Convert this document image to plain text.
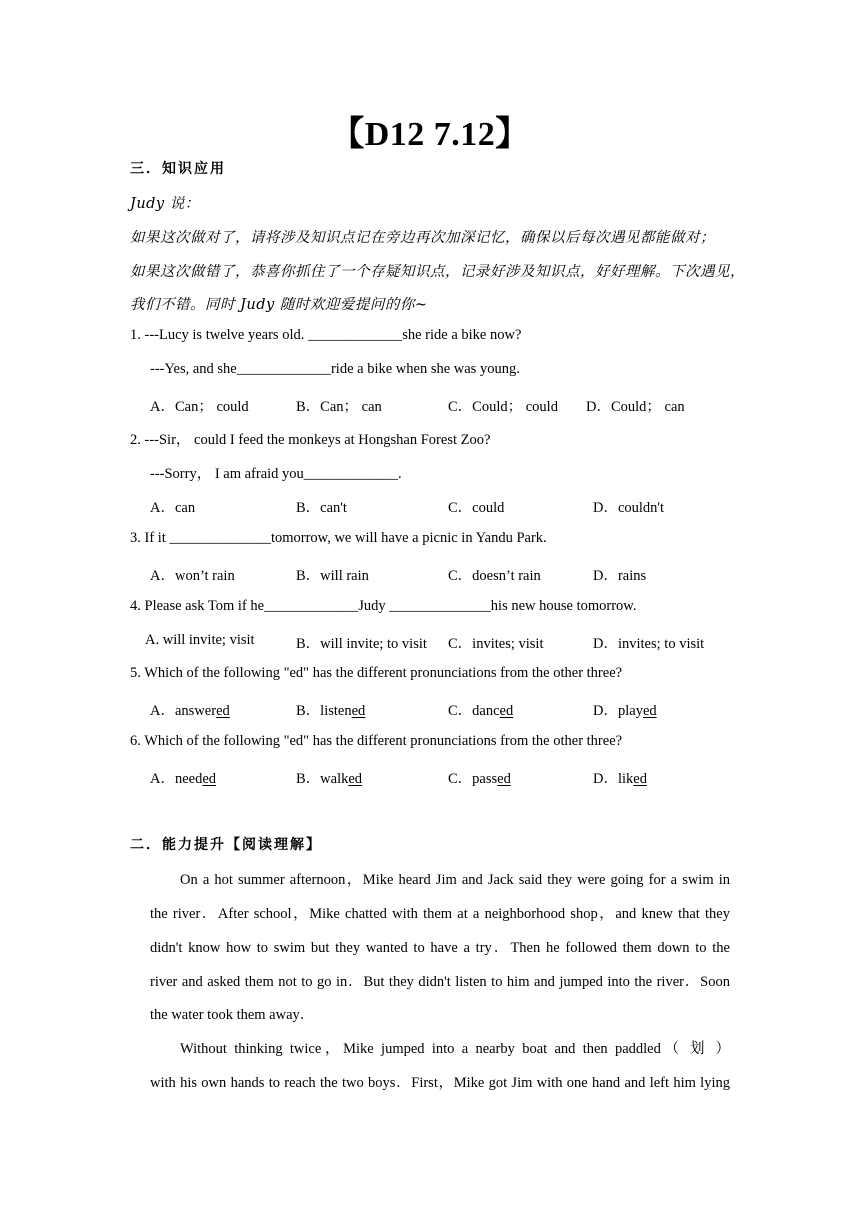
【D12 7.12】
三．知识应用
Judy 说：
如果这次做对了，请将涉及知识点记在旁边再次加深记忆，确保以后每次遇见都能做对；
如果这次做错了，恭喜你抓住了一个存疑知识点，记录好涉及知识点，好好理解。下次遇见，
我们不错。同时 Judy 随时欢迎爱提问的你~
1. ---Lucy is twelve years old. _____________she ride a bike now?
---Yes, and she_____________ride a bike when she was young.
A．Can； could	B．Can； can	C．Could； could D．Could； can
2. ---Sir， could I feed the monkeys at Hongshan Forest Zoo?
---Sorry， I am afraid you_____________.
A．can	B．can't	C．could	D．couldn't
3. If it ______________tomorrow, we will have a picnic in Yandu Park.
A．won’t rain	B．will rain	C．doesn’t rain	D．rains
4. Please ask Tom if he_____________Judy ______________his new house tomorrow.
A. will invite; visit	B．will invite; to visit C．invites; visit	D．invites; to visit
5. Which of the following "ed" has the different pronunciations from the other three?
A．answered	B．listened	C．danced	D．played
6. Which of the following "ed" has the different pronunciations from the other three?
A．needed	B．walked	C．passed	D．liked
二．能力提升【阅读理解】
On a hot summer afternoon，Mike heard Jim and Jack said they were going for a swim in
the river．After school，Mike chatted with them at a neighborhood shop，and knew that they
didn't know how to swim but they wanted to have a try．Then he followed them down to the
river and asked them not to go in．But they didn't listen to him and jumped into the river．Soon
the water took them away．
Without thinking twice，Mike jumped into a nearby boat and then paddled（ 划 ）
with his own hands to reach the two boys．First，Mike got Jim with one hand and left him lying
